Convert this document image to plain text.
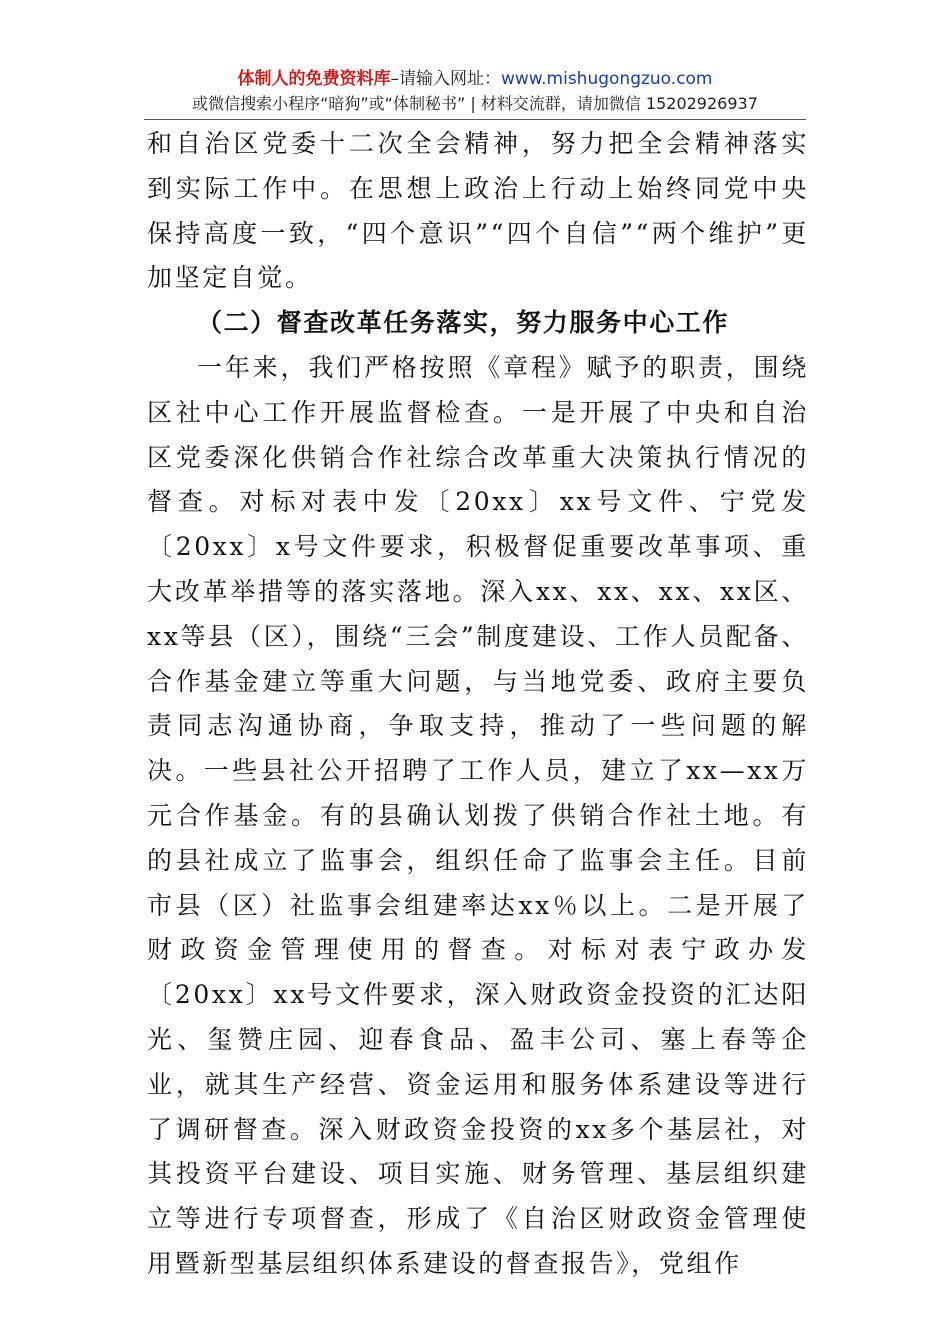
体制人的免费资料库–请输入网址：www.mishugongzuo.com
或微信搜索小程序“暗狗”或“体制秘书” | 材料交流群，请加微信 15202926937

和自治区党委十二次全会精神，努力把全会精神落实到实际工作中。在思想上政治上行动上始终同党中央保持高度一致，“四个意识”“四个自信”“两个维护”更加坚定自觉。

（二）督查改革任务落实，努力服务中心工作

一年来，我们严格按照《章程》赋予的职责，围绕区社中心工作开展监督检查。一是开展了中央和自治区党委深化供销合作社综合改革重大决策执行情况的督查。对标对表中发〔20xx〕xx号文件、宁党发〔20xx〕x号文件要求，积极督促重要改革事项、重大改革举措等的落实落地。深入xx、xx、xx、xx区、xx等县（区），围绕“三会”制度建设、工作人员配备、合作基金建立等重大问题，与当地党委、政府主要负责同志沟通协商，争取支持，推动了一些问题的解决。一些县社公开招聘了工作人员，建立了xx—xx万元合作基金。有的县确认划拨了供销合作社土地。有的县社成立了监事会，组织任命了监事会主任。目前市县（区）社监事会组建率达xx％以上。二是开展了财政资金管理使用的督查。对标对表宁政办发〔20xx〕xx号文件要求，深入财政资金投资的汇达阳光、玺赞庄园、迎春食品、盈丰公司、塞上春等企业，就其生产经营、资金运用和服务体系建设等进行了调研督查。深入财政资金投资的xx多个基层社，对其投资平台建设、项目实施、财务管理、基层组织建立等进行专项督查，形成了《自治区财政资金管理使用暨新型基层组织体系建设的督查报告》，党组作
